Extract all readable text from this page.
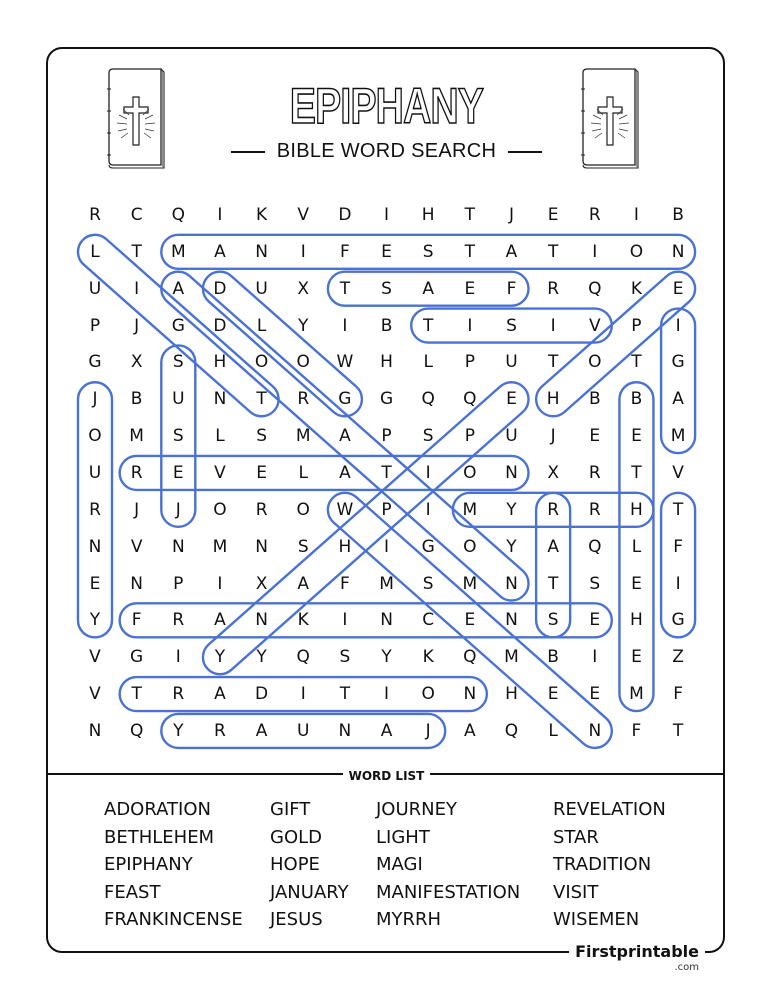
EPIPHANY
BIBLE WORD SEARCH
R	C	Q	I	K	V	D	I	H	T	J	E	R	I	B
L	T	M	A	N	I	F	E	S	T	A	T	I	O	N
U	I	A	D	U	X	T	S	A	E	F	R	Q	K	E
P	J	G	D	L	Y	I	B	T	I	S	I	V	P	I
G	X	S	H	O	O	W	H	L	P	U	T	O	T	G
J	B	U	N	T	R	G	G	Q	Q	E	H	B	B	A
O	M	S	L	S	M	A	P	S	P	U	J	E	E	M
U	R	E	V	E	L	A	T	I	O	N	X	R	T	V
R	J	J	O	R	O	W	P	I	M	Y	R	R	H	T
N	V	N	M	N	S	H	I	G	O	Y	A	Q	L	F
E	N	P	I	X	A	F	M	S	M	N	T	S	E	I
Y	F	R	A	N	K	I	N	C	E	N	S	E	H	G
V	G	I	Y	Y	Q	S	Y	K	Q	M	B	I	E	Z
V	T	R	A	D	I	T	I	O	N	H	E	E	M	F
N	Q	Y	R	A	U	N	A	J	A	Q	L	N	F	T
WORD LIST
ADORATION
BETHLEHEM
EPIPHANY
FEAST
FRANKINCENSE
GIFT
GOLD
HOPE
JANUARY
JESUS
JOURNEY
LIGHT
MAGI
MANIFESTATION
MYRRH
REVELATION
STAR
TRADITION
VISIT
WISEMEN
Firstprintable
.com
